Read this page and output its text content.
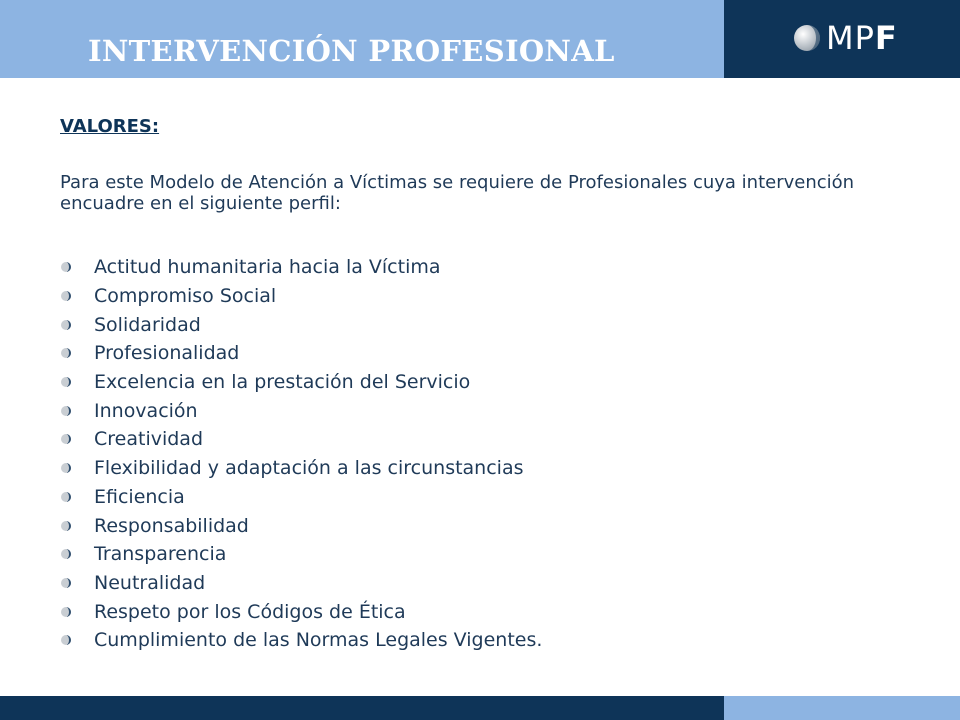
INTERVENCIÓN PROFESIONAL	MPF
VALORES:

Para este Modelo de Atención a Víctimas se requiere de Profesionales cuya intervención encuadre en el siguiente perfil:

Actitud humanitaria hacia la Víctima
Compromiso Social
Solidaridad
Profesionalidad
Excelencia en la prestación del Servicio
Innovación
Creatividad
Flexibilidad y adaptación a las circunstancias
Eficiencia
Responsabilidad
Transparencia
Neutralidad
Respeto por los Códigos de Ética
Cumplimiento de las Normas Legales Vigentes.
